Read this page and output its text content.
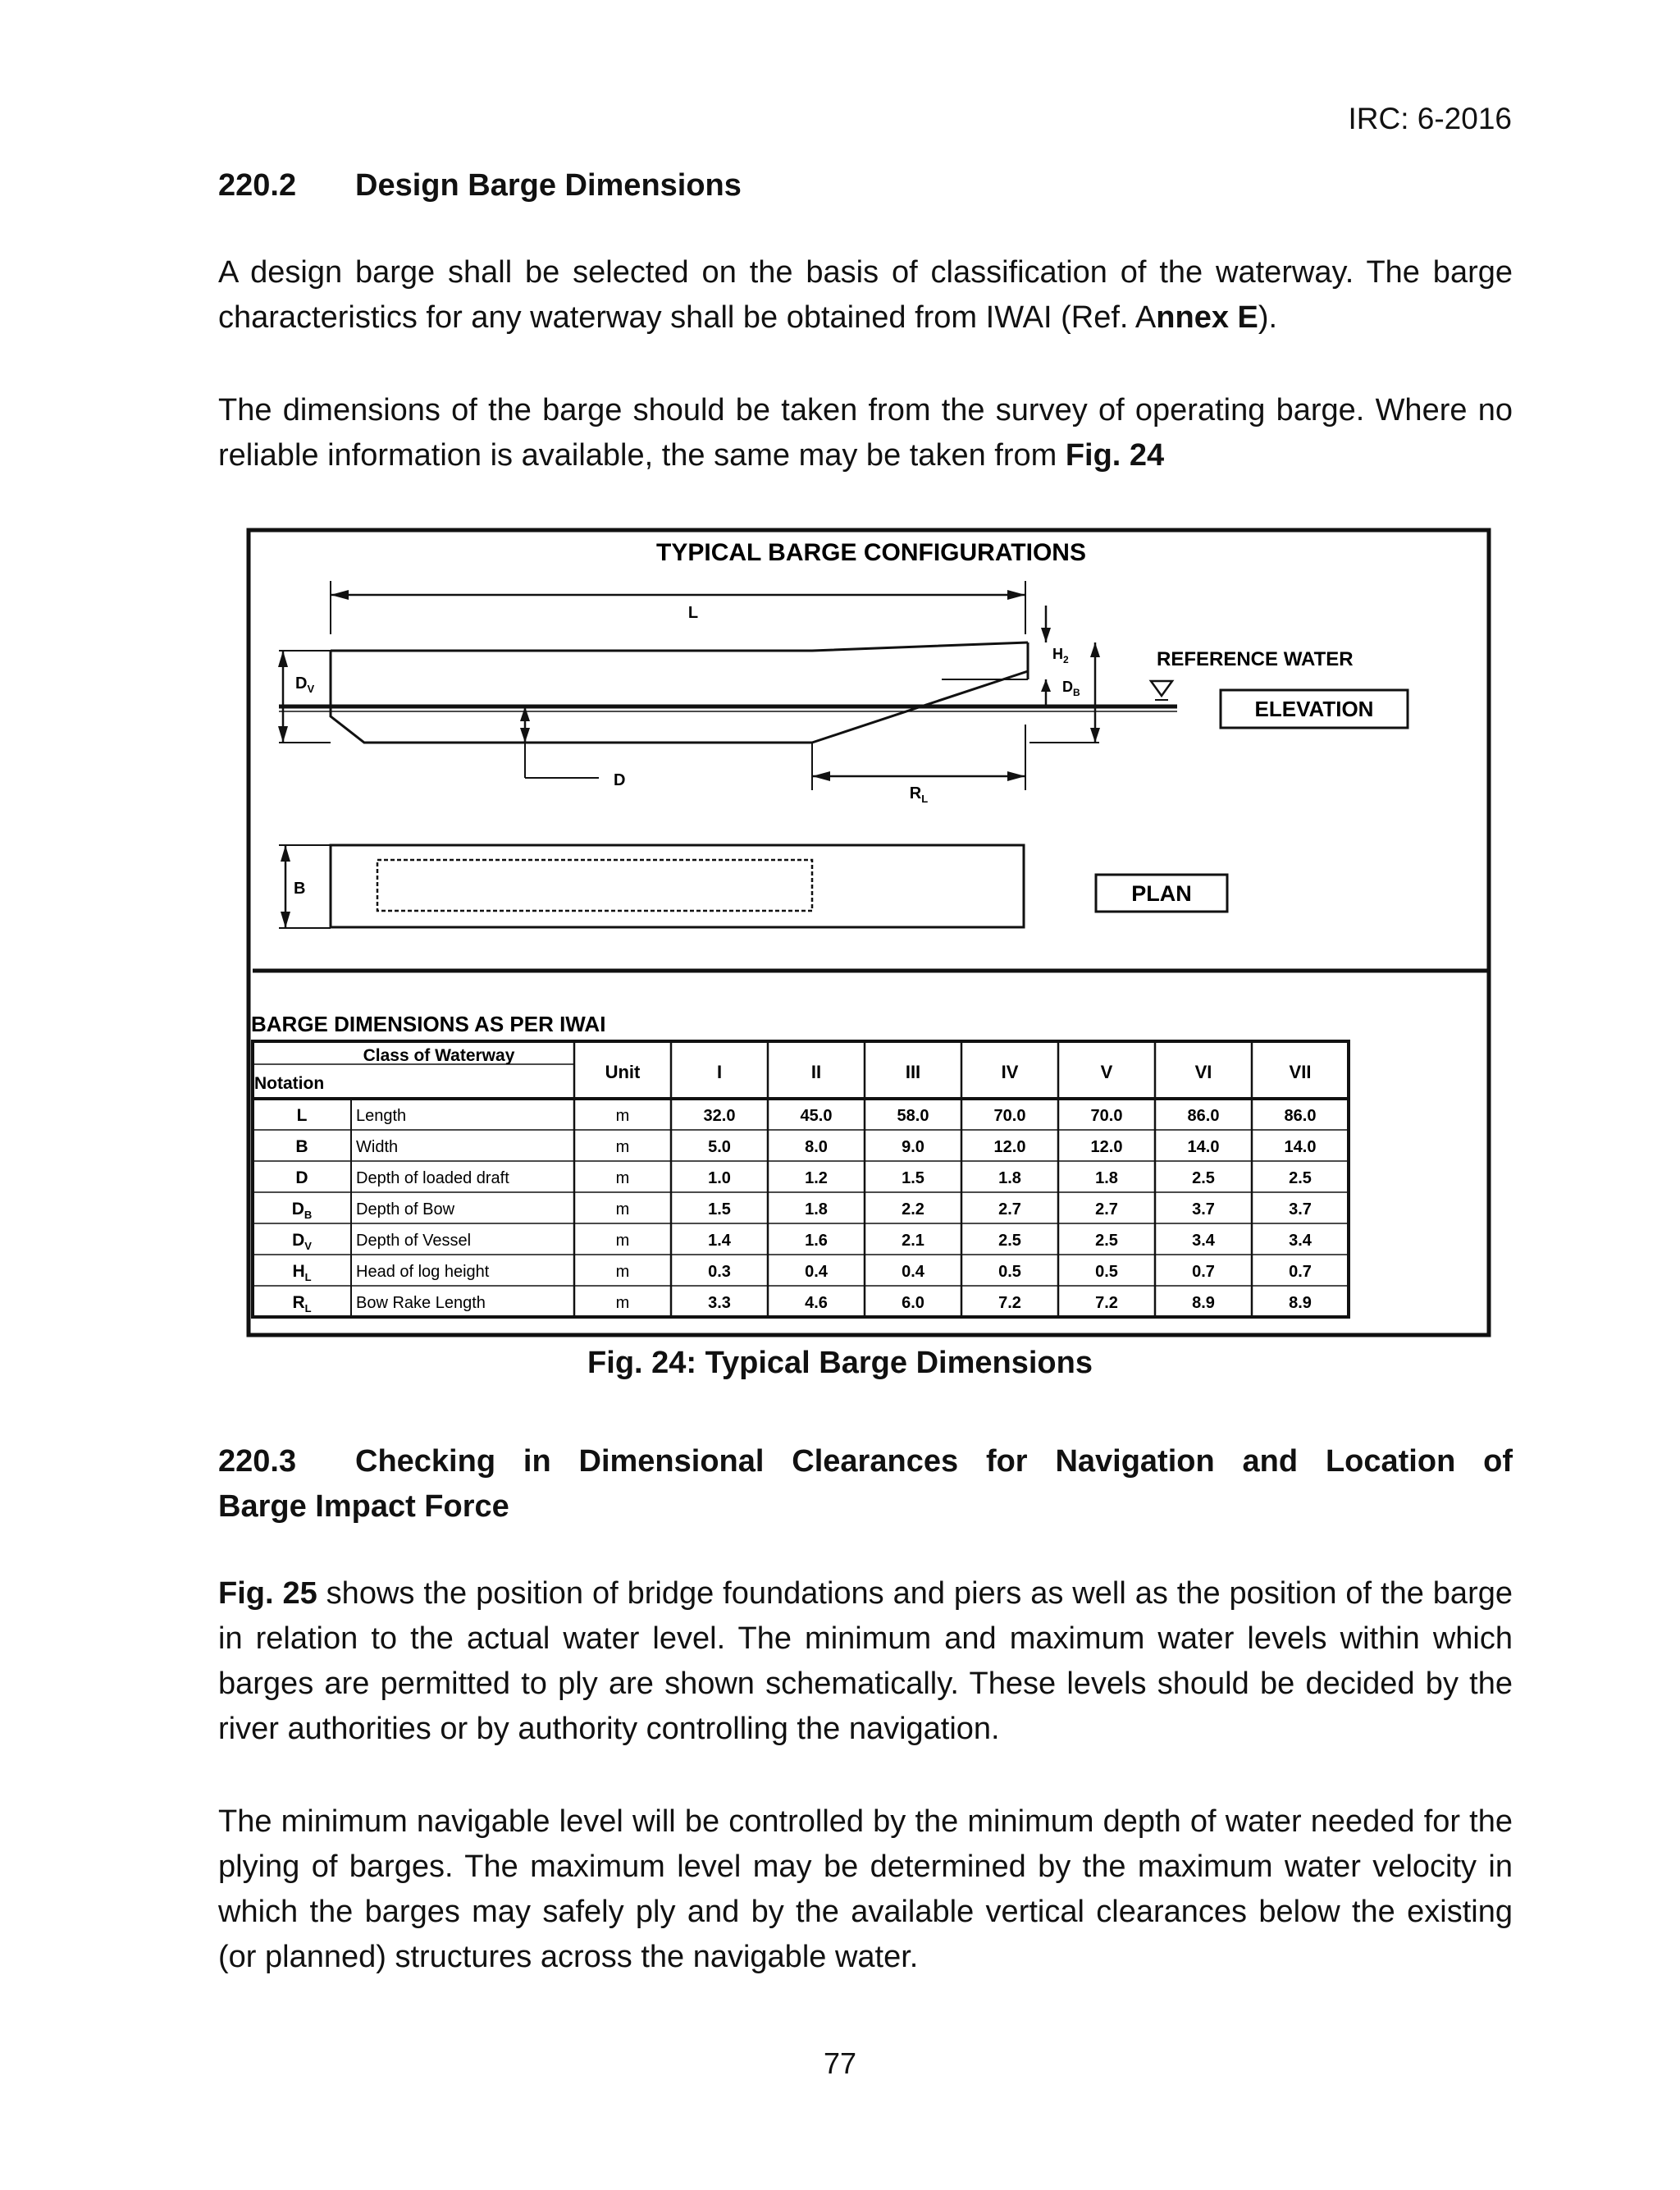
IRC: 6-2016
220.2 Design Barge Dimensions

A design barge shall be selected on the basis of classification of the waterway. The barge characteristics for any waterway shall be obtained from IWAI (Ref. Annex E).

The dimensions of the barge should be taken from the survey of operating barge. Where no reliable information is available, the same may be taken from Fig. 24

TYPICAL BARGE CONFIGURATIONS
L
$D_V$
D
$R_L$
$H_2$
$D_B$
REFERENCE WATER
ELEVATION
B	PLAN
BARGE DIMENSIONS AS PER IWAI
Class of Waterway
Notation
Unit	I	II	III	IV	V	VI	VII
L	Length	m	32.0	45.0	58.0	70.0	70.0	86.0	86.0
B	Width	m	5.0	8.0	9.0	12.0	12.0	14.0	14.0
D	Depth of loaded draft	m	1.0	1.2	1.5	1.8	1.8	2.5	2.5
$D_B$	Depth of Bow	m	1.5	1.8	2.2	2.7	2.7	3.7	3.7
$D_V$	Depth of Vessel	m	1.4	1.6	2.1	2.5	2.5	3.4	3.4
$H_L$	Head of log height	m	0.3	0.4	0.4	0.5	0.5	0.7	0.7
$R_L$	Bow Rake Length	m	3.3	4.6	6.0	7.2	7.2	8.9	8.9
Fig. 24: Typical Barge Dimensions
220.3 Checking in Dimensional Clearances for Navigation and Location of
Barge Impact Force

Fig. 25 shows the position of bridge foundations and piers as well as the position of the barge in relation to the actual water level. The minimum and maximum water levels within which barges are permitted to ply are shown schematically. These levels should be decided by the river authorities or by authority controlling the navigation.

The minimum navigable level will be controlled by the minimum depth of water needed for the plying of barges. The maximum level may be determined by the maximum water velocity in which the barges may safely ply and by the available vertical clearances below the existing (or planned) structures across the navigable water.

77
